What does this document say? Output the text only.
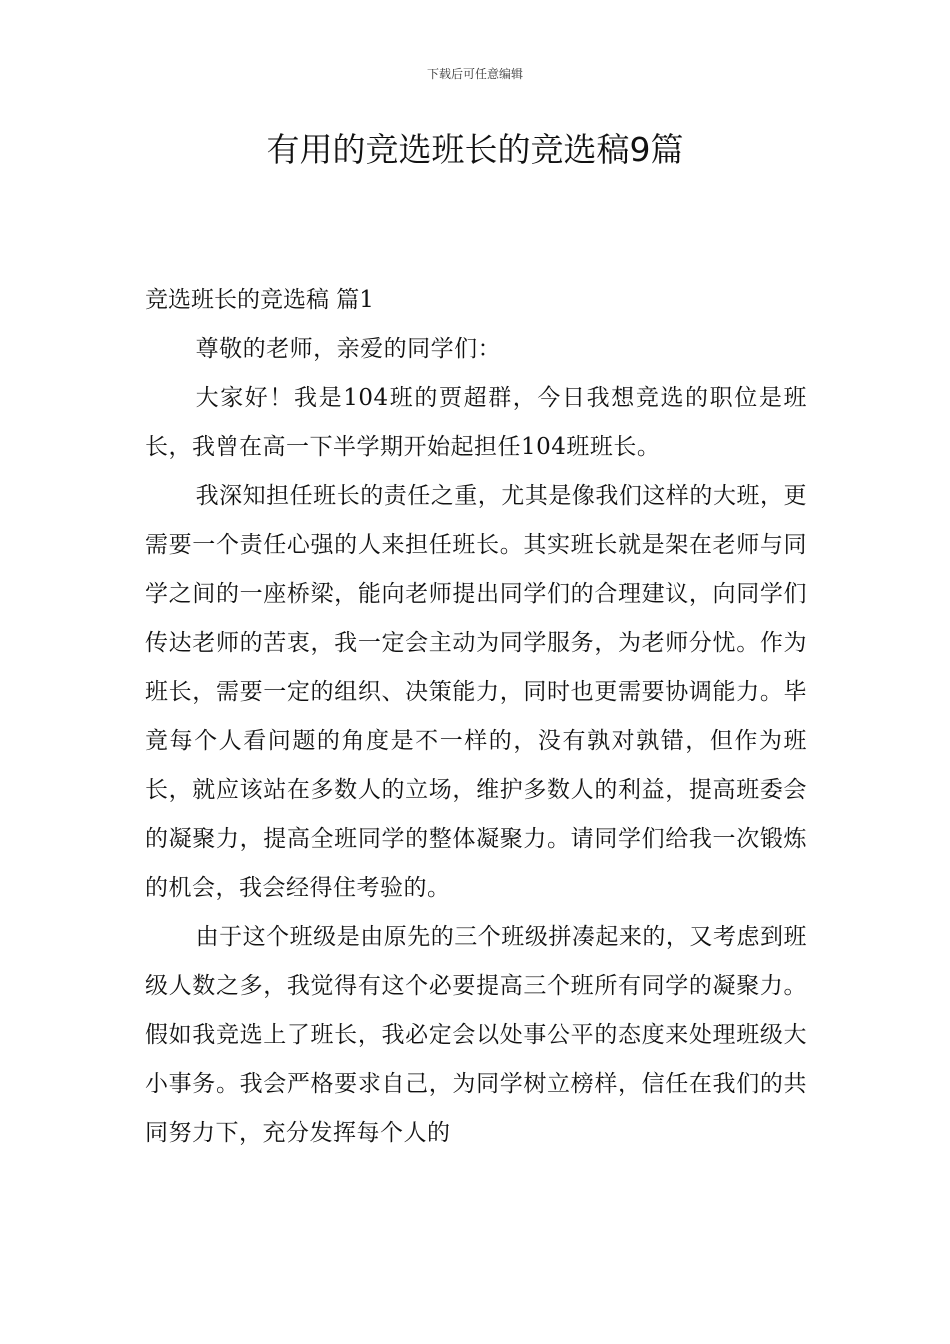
下载后可任意编辑
有用的竞选班长的竞选稿9篇
竞选班长的竞选稿 篇1

尊敬的老师，亲爱的同学们：

大家好！我是104班的贾超群，今日我想竞选的职位是班长，我曾在高一下半学期开始起担任104班班长。

我深知担任班长的责任之重，尤其是像我们这样的大班，更需要一个责任心强的人来担任班长。其实班长就是架在老师与同学之间的一座桥梁，能向老师提出同学们的合理建议，向同学们传达老师的苦衷，我一定会主动为同学服务，为老师分忧。作为班长，需要一定的组织、决策能力，同时也更需要协调能力。毕竟每个人看问题的角度是不一样的，没有孰对孰错，但作为班长，就应该站在多数人的立场，维护多数人的利益，提高班委会的凝聚力，提高全班同学的整体凝聚力。请同学们给我一次锻炼的机会，我会经得住考验的。

由于这个班级是由原先的三个班级拼凑起来的，又考虑到班级人数之多，我觉得有这个必要提高三个班所有同学的凝聚力。假如我竞选上了班长，我必定会以处事公平的态度来处理班级大小事务。我会严格要求自己，为同学树立榜样，信任在我们的共同努力下，充分发挥每个人的
